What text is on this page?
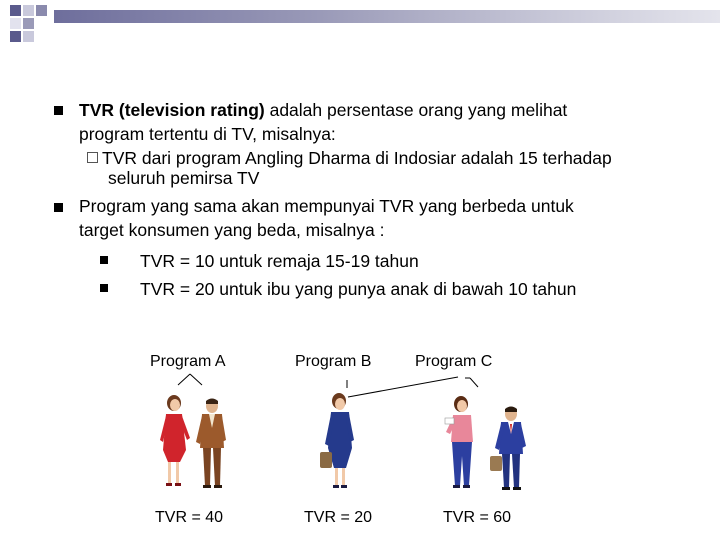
TVR (television rating) adalah persentase orang yang melihat
program tertentu di TV, misalnya:
TVR dari program Angling Dharma di Indosiar adalah 15 terhadap
seluruh pemirsa TV
Program yang sama akan mempunyai TVR yang berbeda untuk
target konsumen yang beda, misalnya :
TVR = 10 untuk remaja 15-19 tahun
TVR = 20 untuk ibu yang punya anak di bawah 10 tahun
Program A	Program B	Program C
TVR = 40	TVR = 20	TVR = 60
